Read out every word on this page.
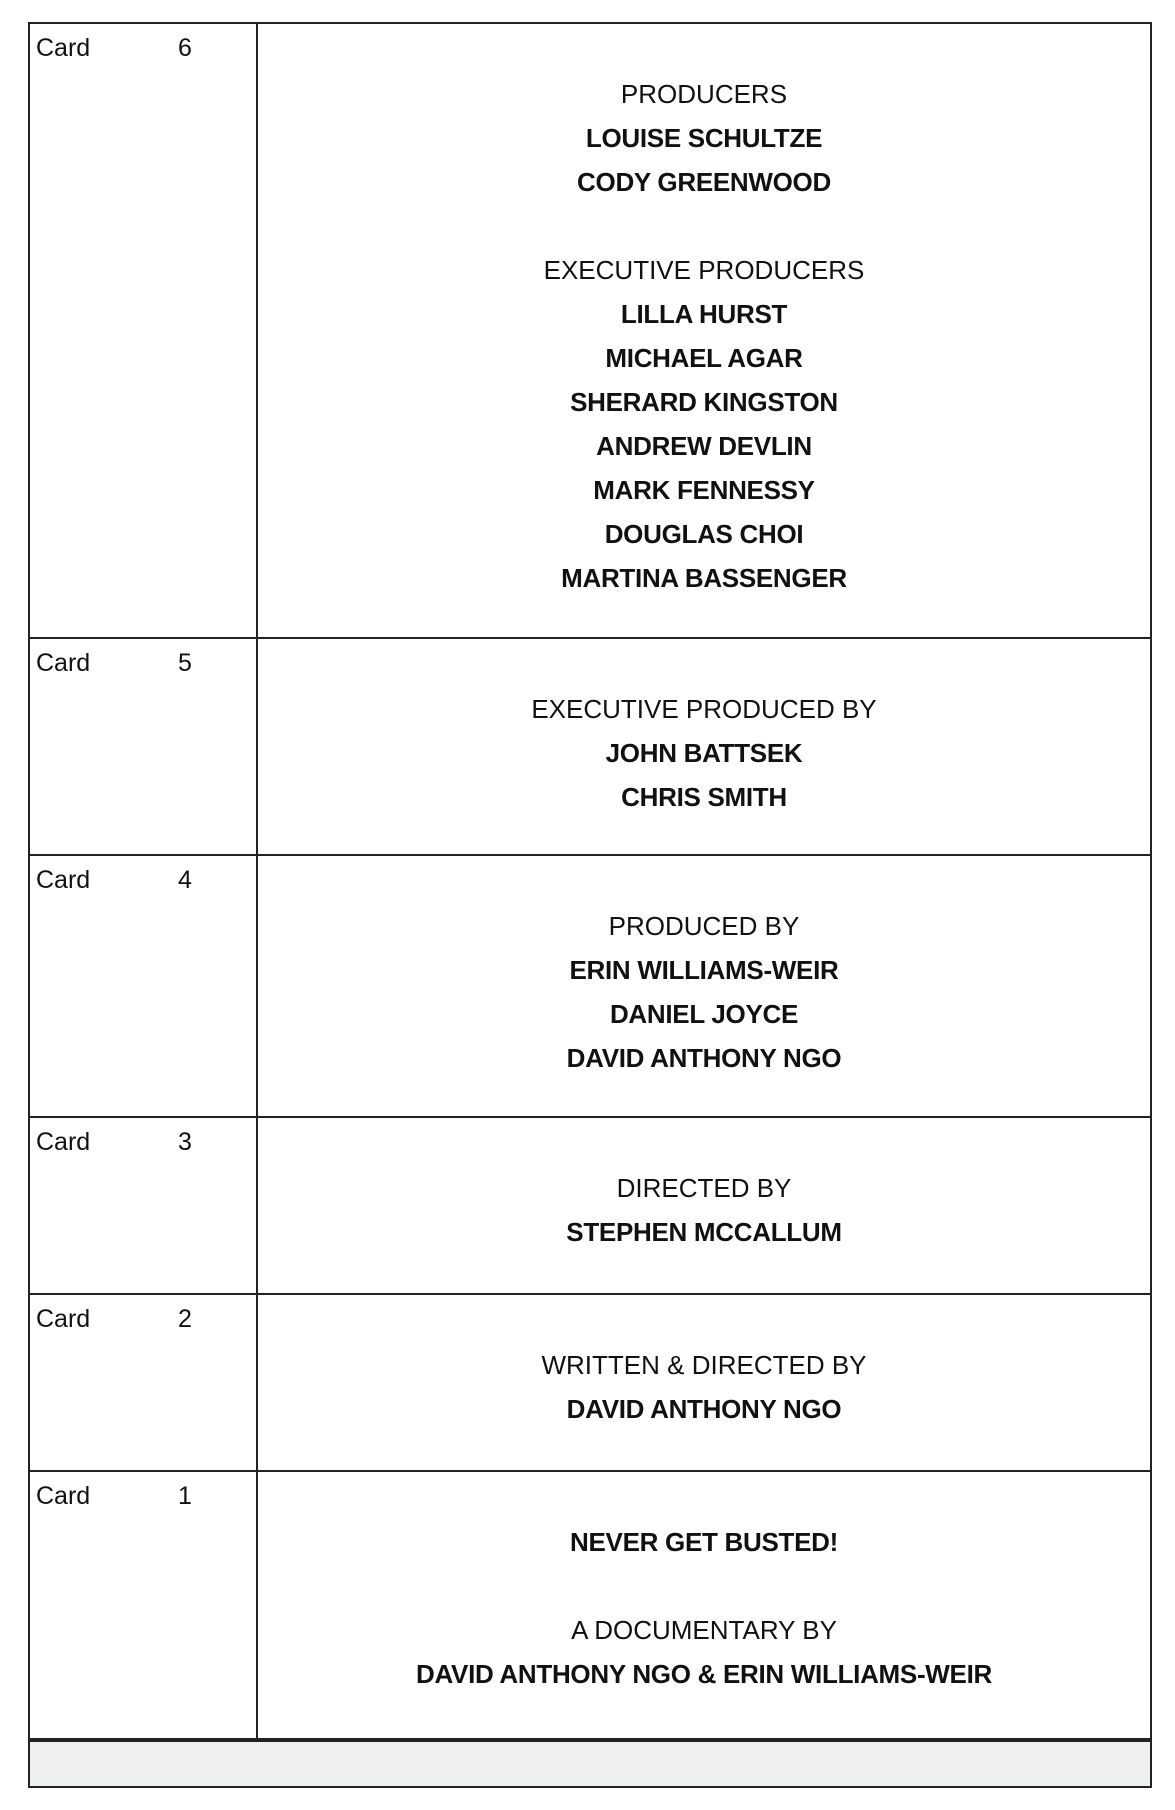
Card	6
PRODUCERS
LOUISE SCHULTZE
CODY GREENWOOD
EXECUTIVE PRODUCERS
LILLA HURST
MICHAEL AGAR
SHERARD KINGSTON
ANDREW DEVLIN
MARK FENNESSY
DOUGLAS CHOI
MARTINA BASSENGER
Card	5
EXECUTIVE PRODUCED BY
JOHN BATTSEK
CHRIS SMITH
Card	4
PRODUCED BY
ERIN WILLIAMS-WEIR
DANIEL JOYCE
DAVID ANTHONY NGO
Card	3
DIRECTED BY
STEPHEN MCCALLUM
Card	2
WRITTEN & DIRECTED BY
DAVID ANTHONY NGO
Card	1
NEVER GET BUSTED!
A DOCUMENTARY BY
DAVID ANTHONY NGO & ERIN WILLIAMS-WEIR
